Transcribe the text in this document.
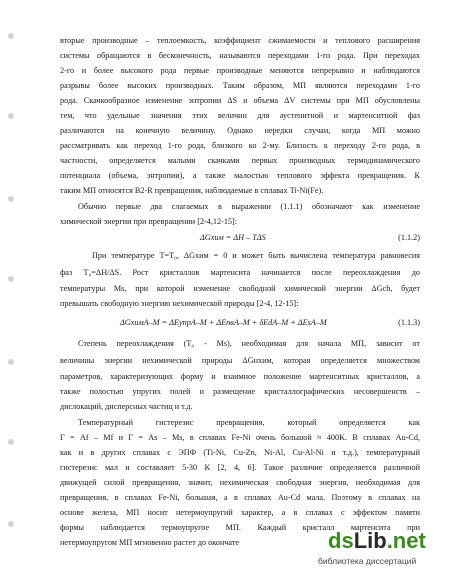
вторые производные – теплоемкость, коэффициент сжимаемости и теплового расширения

системы обращаются в бесконечность, называются переходами 1-го рода. При переходах

2-го и более высокого рода первые производные меняются непрерывно и наблюдаются

разрывы более высоких производных. Таким образом, МП являются переходами 1-го

рода. Скачкообразное изменение энтропии ΔS и объема ΔV системы при МП обусловлены

тем, что удельные значения этих величин для аустенитной и мартенситной фаз

различаются на конечную величину. Однако нередки случаи, когда МП можно

рассматривать как переход 1-го рода, близкого ко 2-му. Близость к переходу 2-го рода, в

частности, определяется малыми скачками первых производных термодинамического

потенциала (объема, энтропии), а также малостью теплового эффекта превращения. К

таким МП относятся B2-R превращения, наблюдаемые в сплавах Ti-Ni(Fe).

Обычно первые два слагаемых в выражении (1.1.1) обозначают как изменение

химической энергии при превращении [2-4,12-15]:

ΔGхим = ΔH – TΔS	(1.1.2)

При температуре T=T₀, ΔGхим = 0 и может быть вычислена температура равновесия

фаз T₀=ΔH/ΔS. Рост кристаллов мартенсита начинается после переохлаждения до

температуры Ms, при которой изменение свободной химической энергии ΔGch, будет

превышать свободную энергию нехимической природы [2-4, 12-15]:

ΔGхимA–M = ΔEупрA–M + ΔEпвA–M + δEdA–M + ΔEsA–M	(1.1.3)

Степень переохлаждения (T₀ - Ms), необходимая для начала МП, зависит от

величины энергии нехимической природы ΔGнхим, которая определяется множеством

параметров, характеризующих форму и взаимное положение мартенситных кристаллов, а

также полостью упругих полей и размещение кристаллографических несовершенств –

дислокаций, дисперсных частиц и т.д.

Температурный гистерезис превращения, который определяется как

Γ = Af – Mf и Γ = As – Ms, в сплавах Fe-Ni очень большой ≈ 400K. В сплавах Au-Cd,

как и в других сплавах с ЭПФ (Ti-Ni, Cu-Zn, Ni-Al, Cu-Al-Ni и т.д.), температурный

гистерезис мал и составляет 5-30 K [2, 4, 6]. Такое различие определяется различной

движущей силой превращения, значит, нехимическая свободная энергия, необходимая для

превращения, в сплавах Fe-Ni, большая, а в сплавах Au-Cd мала. Поэтому в сплавах на

основе железа, МП носит нетермоупругий характер, а в сплавах с эффектом памяти

формы наблюдается термоупругое МП. Каждый кристалл мартенсита при

нетермоупругом МП мгновенно растет до окончате	dsLib.net
библиотека диссертаций
